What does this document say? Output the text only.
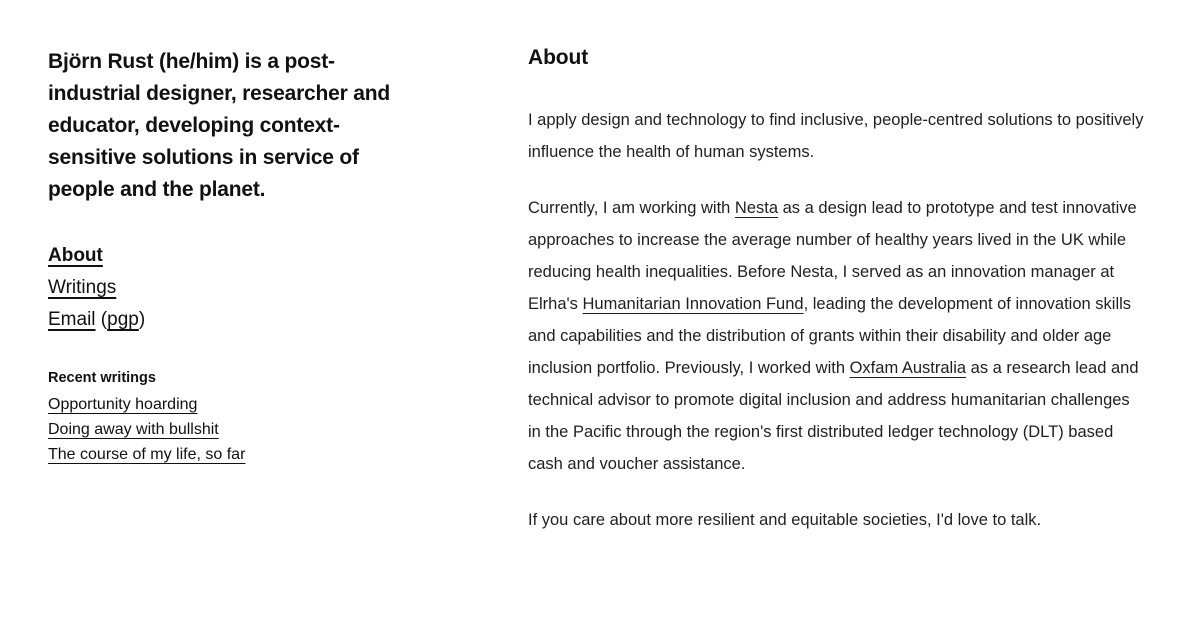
Björn Rust (he/him) is a post-industrial designer, researcher and educator, developing context-sensitive solutions in service of people and the planet.
About
Writings
Email (pgp)
Recent writings
Opportunity hoarding
Doing away with bullshit
The course of my life, so far
About

I apply design and technology to find inclusive, people-centred solutions to positively influence the health of human systems.

Currently, I am working with Nesta as a design lead to prototype and test innovative approaches to increase the average number of healthy years lived in the UK while reducing health inequalities. Before Nesta, I served as an innovation manager at Elrha's Humanitarian Innovation Fund, leading the development of innovation skills and capabilities and the distribution of grants within their disability and older age inclusion portfolio. Previously, I worked with Oxfam Australia as a research lead and technical advisor to promote digital inclusion and address humanitarian challenges in the Pacific through the region's first distributed ledger technology (DLT) based cash and voucher assistance.

If you care about more resilient and equitable societies, I'd love to talk.
